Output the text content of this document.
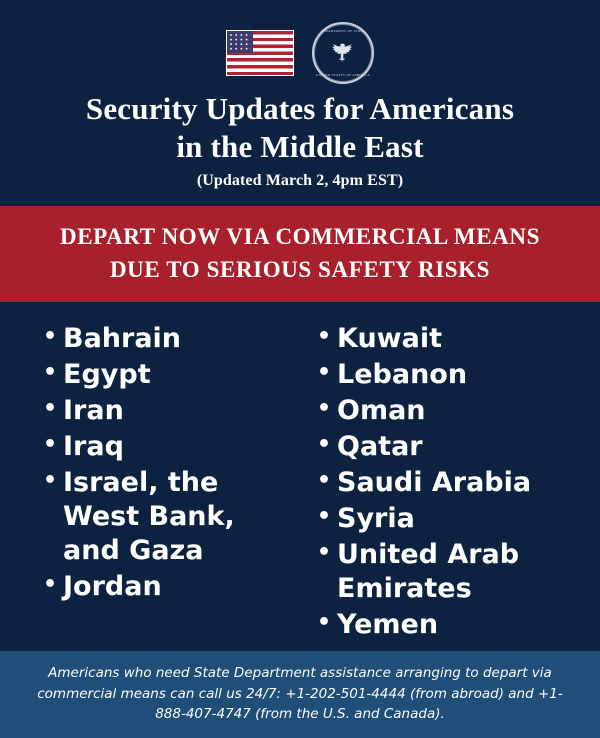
DEPARTMENT OF STATE
UNITED STATES OF AMERICA
Security Updates for Americans
in the Middle East
(Updated March 2, 4pm EST)
DEPART NOW VIA COMMERCIAL MEANS
DUE TO SERIOUS SAFETY RISKS
• Bahrain
• Egypt
• Iran
• Iraq
• Israel, the West Bank, and Gaza
• Jordan
• Kuwait
• Lebanon
• Oman
• Qatar
• Saudi Arabia
• Syria
• United Arab Emirates
• Yemen
Americans who need State Department assistance arranging to depart via commercial means can call us 24/7: +1-202-501-4444 (from abroad) and +1-888-407-4747 (from the U.S. and Canada).
